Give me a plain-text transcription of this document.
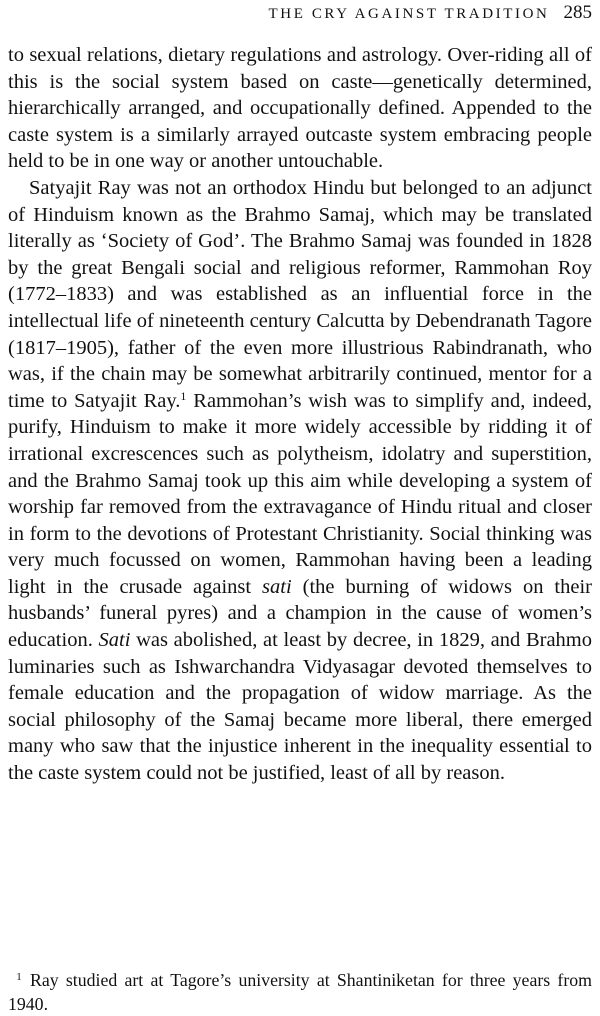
THE CRY AGAINST TRADITION 285

to sexual relations, dietary regulations and astrology. Over-riding all of this is the social system based on caste—genetically determined, hierarchically arranged, and occupationally defined. Appended to the caste system is a similarly arrayed outcaste system embracing people held to be in one way or another untouchable.

Satyajit Ray was not an orthodox Hindu but belonged to an adjunct of Hinduism known as the Brahmo Samaj, which may be translated literally as ‘Society of God’. The Brahmo Samaj was founded in 1828 by the great Bengali social and religious reformer, Rammohan Roy (1772–1833) and was established as an influential force in the intellectual life of nineteenth century Calcutta by Debendranath Tagore (1817–1905), father of the even more illustrious Rabindranath, who was, if the chain may be somewhat arbitrarily continued, mentor for a time to Satyajit Ray.$^1$ Rammohan’s wish was to simplify and, indeed, purify, Hinduism to make it more widely accessible by ridding it of irrational excrescences such as polytheism, idolatry and superstition, and the Brahmo Samaj took up this aim while developing a system of worship far removed from the extravagance of Hindu ritual and closer in form to the devotions of Protestant Christianity. Social thinking was very much focussed on women, Rammohan having been a leading light in the crusade against sati (the burning of widows on their husbands’ funeral pyres) and a champion in the cause of women’s education. Sati was abolished, at least by decree, in 1829, and Brahmo luminaries such as Ishwarchandra Vidyasagar devoted themselves to female education and the propagation of widow marriage. As the social philosophy of the Samaj became more liberal, there emerged many who saw that the injustice inherent in the inequality essential to the caste system could not be justified, least of all by reason.

1 Ray studied art at Tagore’s university at Shantiniketan for three years from 1940.
